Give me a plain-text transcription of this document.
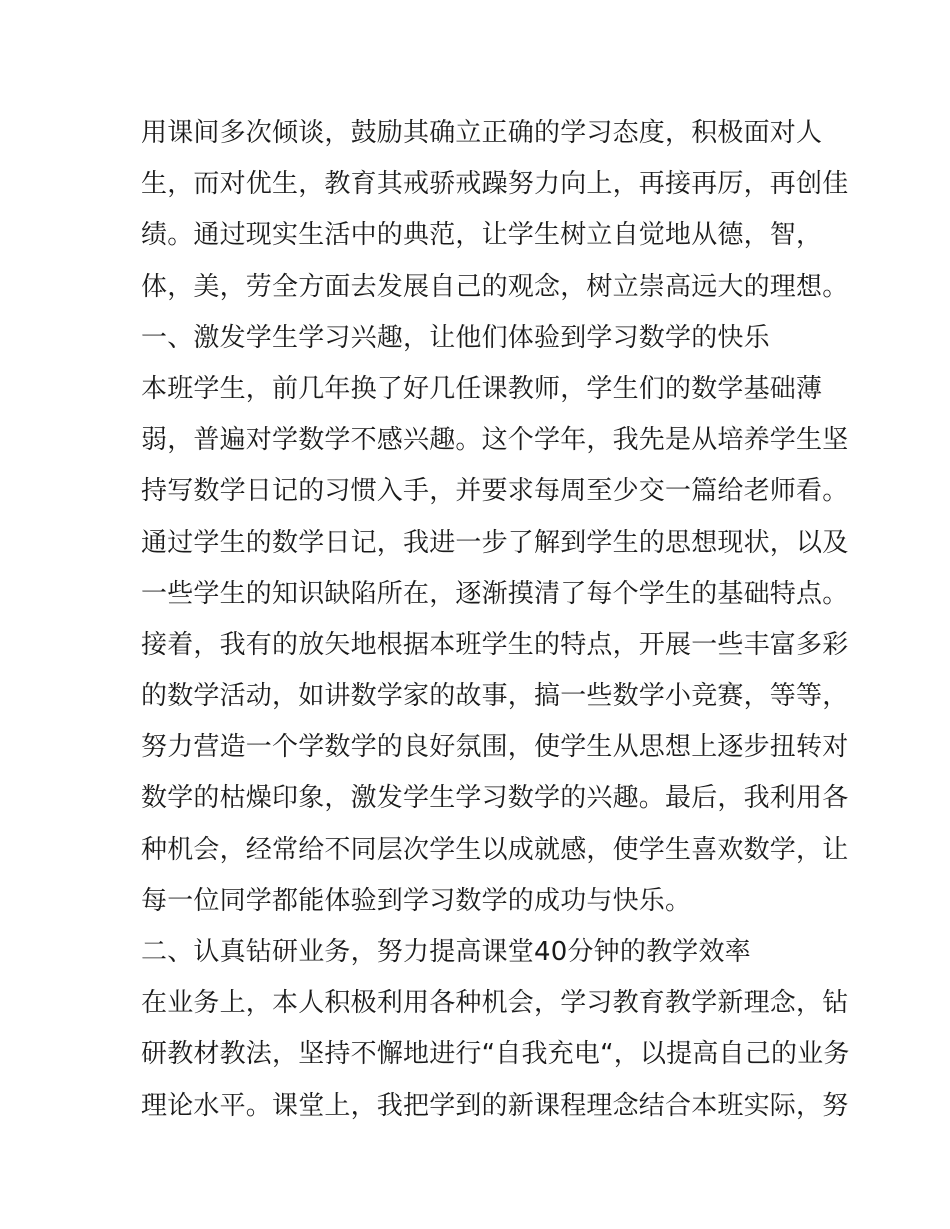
用课间多次倾谈，鼓励其确立正确的学习态度，积极面对人
生，而对优生，教育其戒骄戒躁努力向上，再接再厉，再创佳
绩。通过现实生活中的典范，让学生树立自觉地从德，智，
体，美，劳全方面去发展自己的观念，树立崇高远大的理想。
一、激发学生学习兴趣，让他们体验到学习数学的快乐
本班学生，前几年换了好几任课教师，学生们的数学基础薄
弱，普遍对学数学不感兴趣。这个学年，我先是从培养学生坚
持写数学日记的习惯入手，并要求每周至少交一篇给老师看。
通过学生的数学日记，我进一步了解到学生的思想现状，以及
一些学生的知识缺陷所在，逐渐摸清了每个学生的基础特点。
接着，我有的放矢地根据本班学生的特点，开展一些丰富多彩
的数学活动，如讲数学家的故事，搞一些数学小竞赛，等等，
努力营造一个学数学的良好氛围，使学生从思想上逐步扭转对
数学的枯燥印象，激发学生学习数学的兴趣。最后，我利用各
种机会，经常给不同层次学生以成就感，使学生喜欢数学，让
每一位同学都能体验到学习数学的成功与快乐。
二、认真钻研业务，努力提高课堂40分钟的教学效率
在业务上，本人积极利用各种机会，学习教育教学新理念，钻
研教材教法，坚持不懈地进行“自我充电“，以提高自己的业务
理论水平。课堂上，我把学到的新课程理念结合本班实际，努
